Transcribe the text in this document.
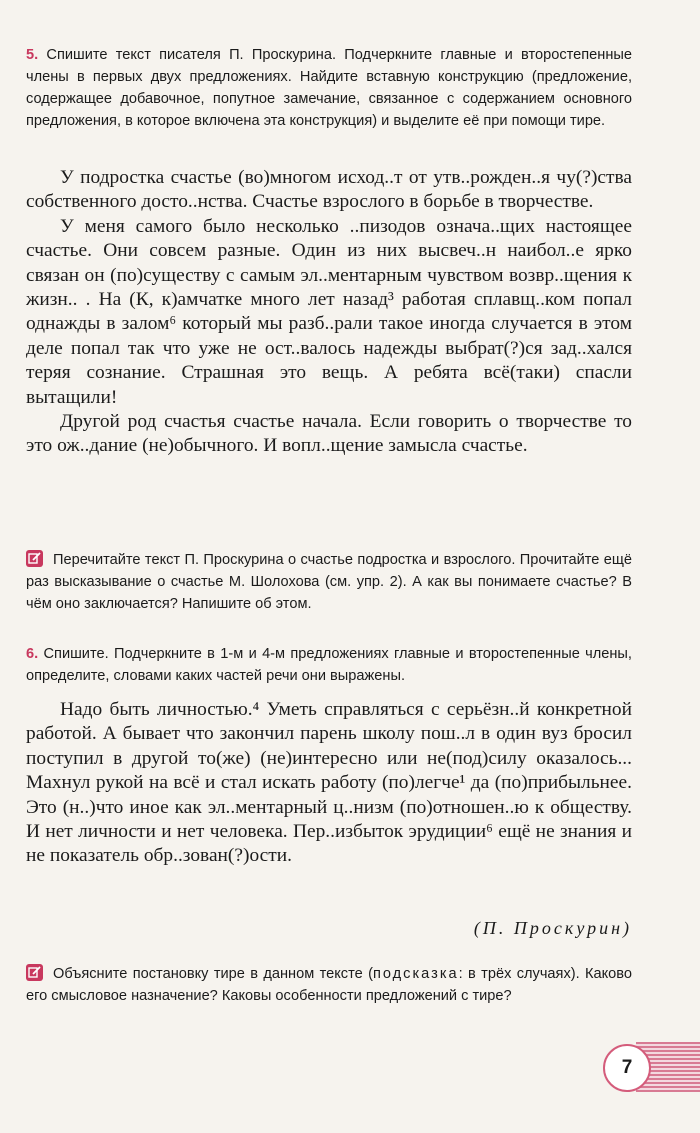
5. Спишите текст писателя П. Проскурина. Подчеркните главные и второстепенные члены в первых двух предложениях. Найдите вставную конструкцию (предложение, содержащее добавочное, попутное замечание, связанное с содержанием основного предложения, в которое включена эта конструкция) и выделите её при помощи тире.

У подростка счастье (во)многом исход..т от утв..рожден..я чу(?)ства собственного досто..нства. Счастье взрослого в борьбе в творчестве.

У меня самого было несколько ..пизодов означа..щих настоящее счастье. Они совсем разные. Один из них высвеч..н наибол..е ярко связан он (по)существу с самым эл..ментарным чувством возвр..щения к жизн.. . На (К, к)амчатке много лет назад³ работая сплавщ..ком попал однажды в залом⁶ который мы разб..рали такое иногда случается в этом деле попал так что уже не ост..валось надежды выбрат(?)ся зад..хался теряя сознание. Страшная это вещь. А ребята всё(таки) спасли вытащили!

Другой род счастья счастье начала. Если говорить о творчестве то это ож..дание (не)обычного. И вопл..щение замысла счастье.

Перечитайте текст П. Проскурина о счастье подростка и взрослого. Прочитайте ещё раз высказывание о счастье М. Шолохова (см. упр. 2). А как вы понимаете счастье? В чём оно заключается? Напишите об этом.
6. Спишите. Подчеркните в 1-м и 4-м предложениях главные и второстепенные члены, определите, словами каких частей речи они выражены.

Надо быть личностью.⁴ Уметь справляться с серьёзн..й конкретной работой. А бывает что закончил парень школу пош..л в один вуз бросил поступил в другой то(же) (не)интересно или не(под)силу оказалось... Махнул рукой на всё и стал искать работу (по)легче¹ да (по)прибыльнее. Это (н..)что иное как эл..ментарный ц..низм (по)отношен..ю к обществу. И нет личности и нет человека. Пер..избыток эрудиции⁶ ещё не знания и не показатель обр..зован(?)ости.

(П. Проскурин)
Объясните постановку тире в данном тексте (подсказка: в трёх случаях). Каково его смысловое назначение? Каковы особенности предложений с тире?
7
